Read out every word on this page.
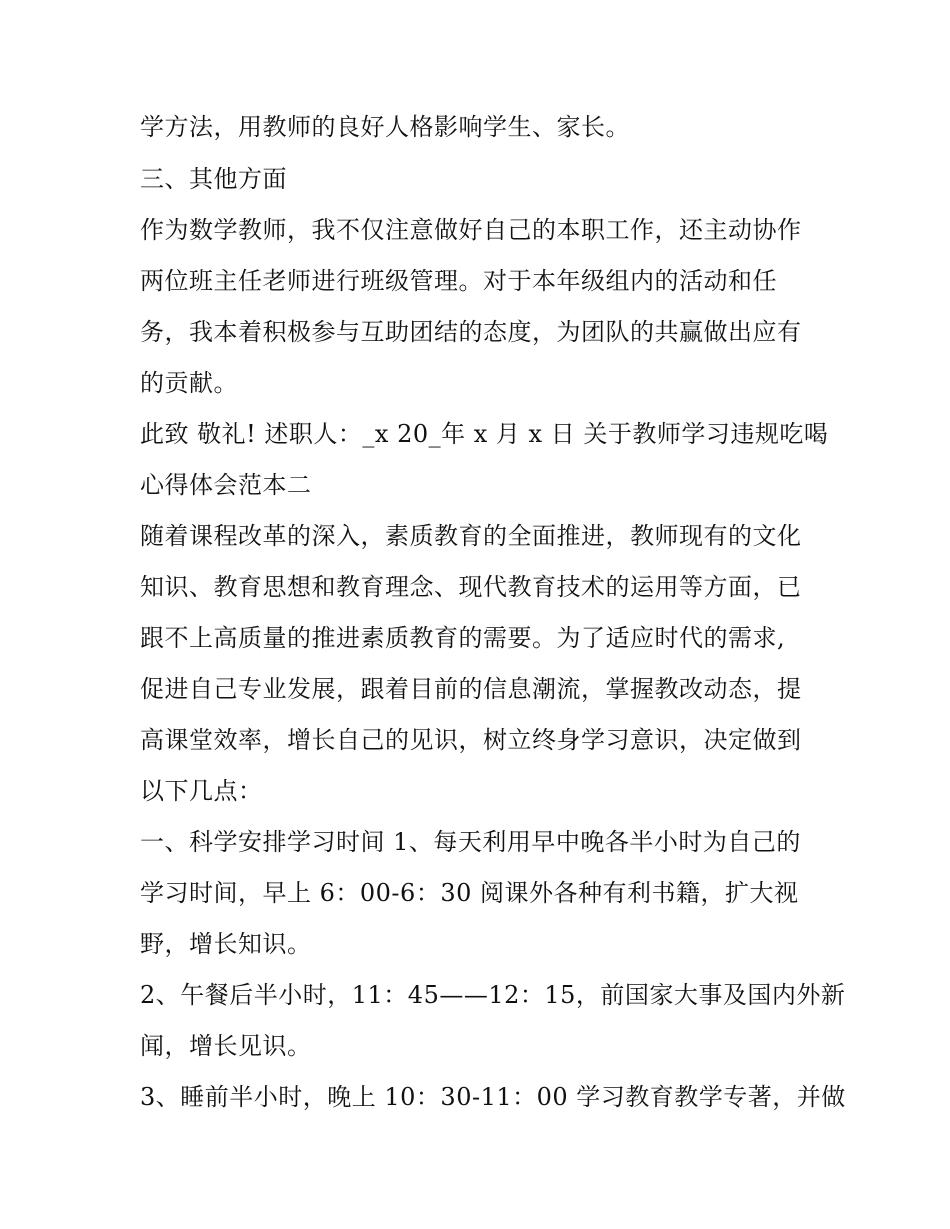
学方法，用教师的良好人格影响学生、家长。
三、其他方面
作为数学教师，我不仅注意做好自己的本职工作，还主动协作
两位班主任老师进行班级管理。对于本年级组内的活动和任
务，我本着积极参与互助团结的态度，为团队的共赢做出应有
的贡献。
此致 敬礼! 述职人：_x 20_年 x 月 x 日 关于教师学习违规吃喝
心得体会范本二
随着课程改革的深入，素质教育的全面推进，教师现有的文化
知识、教育思想和教育理念、现代教育技术的运用等方面，已
跟不上高质量的推进素质教育的需要。为了适应时代的需求,
促进自己专业发展，跟着目前的信息潮流，掌握教改动态，提
高课堂效率，增长自己的见识，树立终身学习意识，决定做到
以下几点：
一、科学安排学习时间 1、每天利用早中晚各半小时为自己的
学习时间，早上 6：00-6：30 阅课外各种有利书籍，扩大视
野，增长知识。
2、午餐后半小时，11：45——12：15，前国家大事及国内外新
闻，增长见识。
3、睡前半小时，晚上 10：30-11：00 学习教育教学专著，并做
